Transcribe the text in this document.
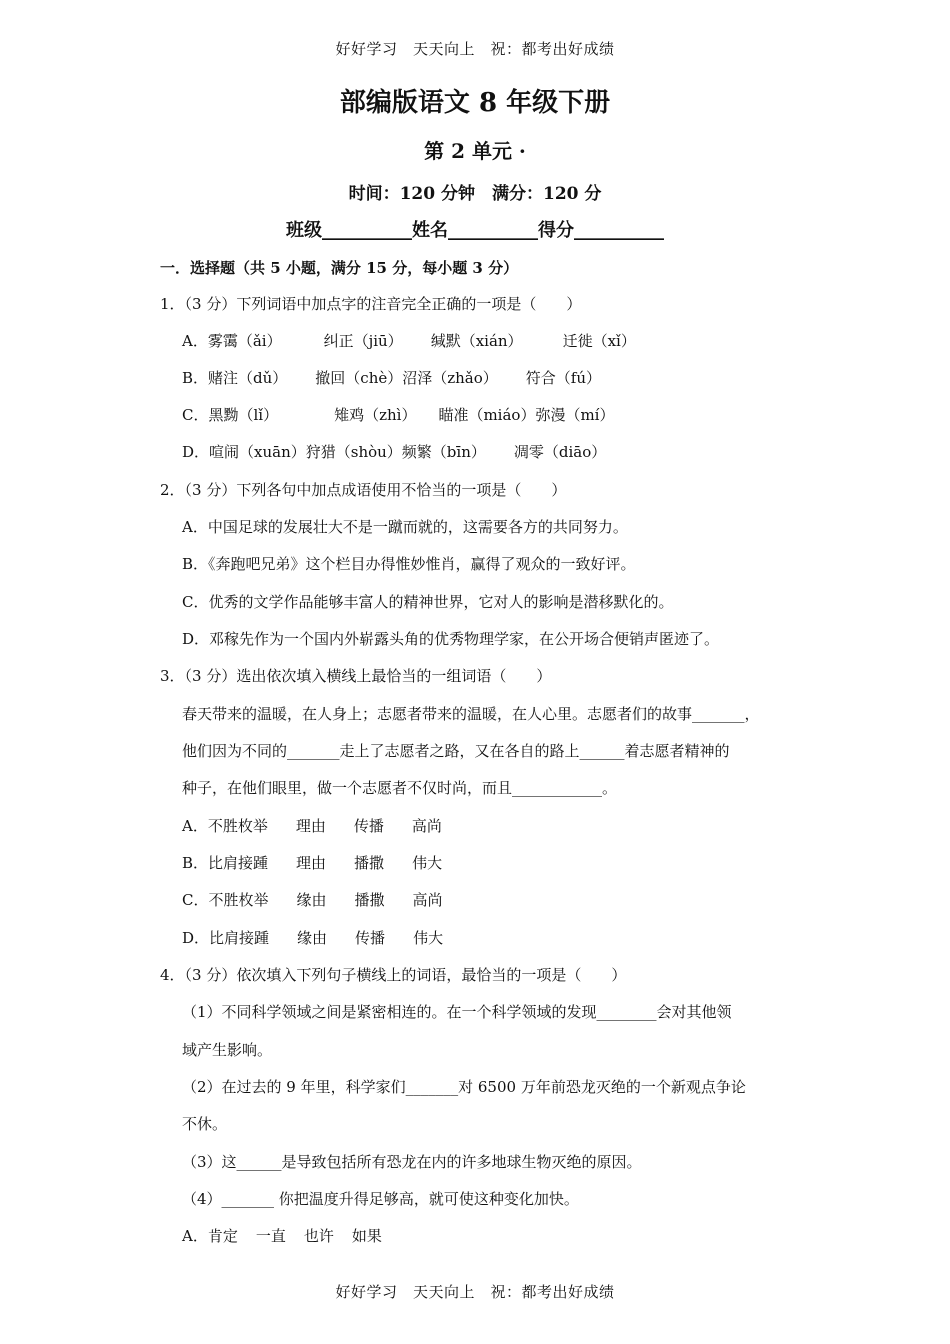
好好学习　天天向上　祝：都考出好成绩
部编版语文 8 年级下册
第 2 单元 ·
时间：120 分钟　满分：120 分
班级__________姓名__________得分__________
一．选择题（共 5 小题，满分 15 分，每小题 3 分）
1．（3 分）下列词语中加点字的注音完全正确的一项是（　　）
A．雾霭（ǎi）	纠正（jiū） 缄默（xián）	迁徙（xǐ）
B．赌注（dǔ） 撤回（chè）沼泽（zhǎo） 符合（fú）
C．黑黝（lǐ）	雉鸡（zhì） 瞄准（miáo）弥漫（mí）
D．喧闹（xuān）狩猎（shòu）频繁（bīn） 凋零（diāo）
2．（3 分）下列各句中加点成语使用不恰当的一项是（　　）
A．中国足球的发展壮大不是一蹴而就的，这需要各方的共同努力。
B．《奔跑吧兄弟》这个栏目办得惟妙惟肖，赢得了观众的一致好评。
C．优秀的文学作品能够丰富人的精神世界，它对人的影响是潜移默化的。
D．邓稼先作为一个国内外崭露头角的优秀物理学家，在公开场合便销声匿迹了。
3．（3 分）选出依次填入横线上最恰当的一组词语（　　）
春天带来的温暖，在人身上；志愿者带来的温暖，在人心里。志愿者们的故事_______，
他们因为不同的_______走上了志愿者之路，又在各自的路上______着志愿者精神的
种子，在他们眼里，做一个志愿者不仅时尚，而且____________。
A．不胜枚举 理由 传播 高尚
B．比肩接踵 理由 播撒 伟大
C．不胜枚举 缘由 播撒 高尚
D．比肩接踵 缘由 传播 伟大
4．（3 分）依次填入下列句子横线上的词语，最恰当的一项是（　　）
（1）不同科学领域之间是紧密相连的。在一个科学领域的发现________会对其他领
域产生影响。
（2）在过去的 9 年里，科学家们_______对 6500 万年前恐龙灭绝的一个新观点争论
不休。
（3）这______是导致包括所有恐龙在内的许多地球生物灭绝的原因。
（4）_______ 你把温度升得足够高，就可使这种变化加快。
A．肯定 一直 也许 如果
好好学习　天天向上　祝：都考出好成绩
